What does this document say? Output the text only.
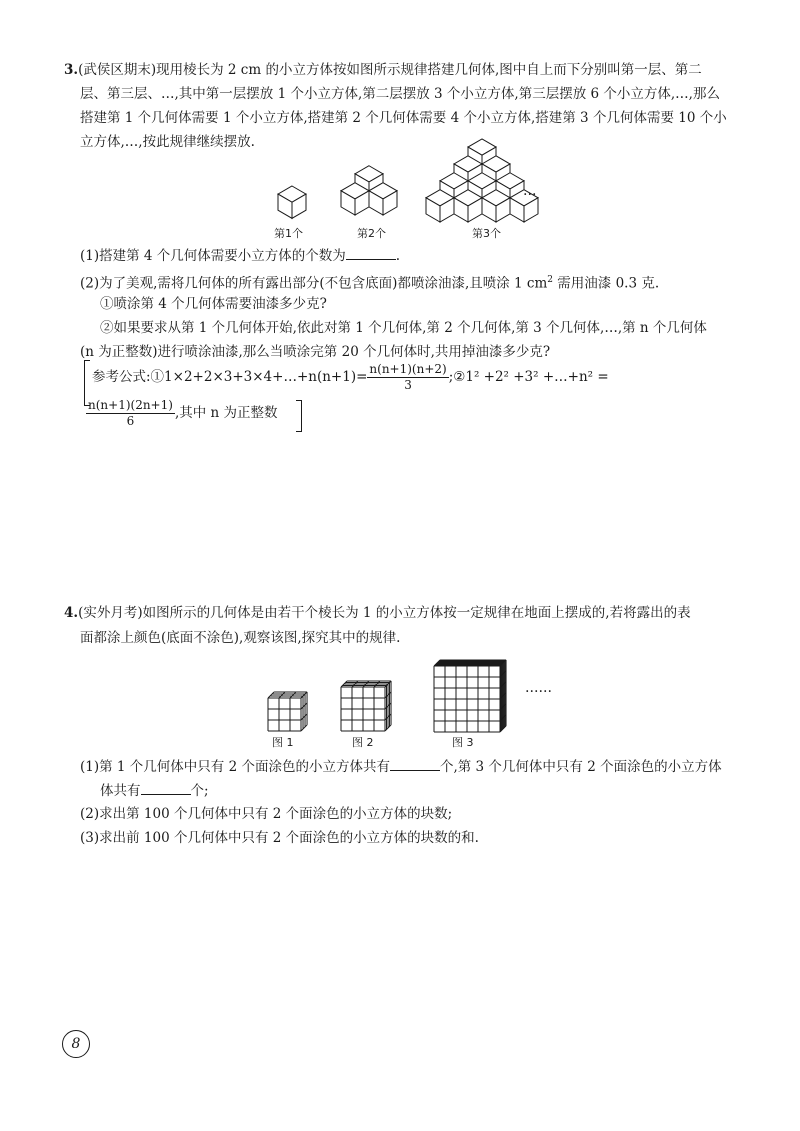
3.(武侯区期末)现用棱长为 2 cm 的小立方体按如图所示规律搭建几何体,图中自上而下分别叫第一层、第二
层、第三层、…,其中第一层摆放 1 个小立方体,第二层摆放 3 个小立方体,第三层摆放 6 个小立方体,…,那么
搭建第 1 个几何体需要 1 个小立方体,搭建第 2 个几何体需要 4 个小立方体,搭建第 3 个几何体需要 10 个小
立方体,…,按此规律继续摆放.
第1个	第2个	第3个
…
(1)搭建第 4 个几何体需要小立方体的个数为	.
(2)为了美观,需将几何体的所有露出部分(不包含底面)都喷涂油漆,且喷涂 1 $cm^2$ 需用油漆 0.3 克.
①喷涂第 4 个几何体需要油漆多少克?
②如果要求从第 1 个几何体开始,依此对第 1 个几何体,第 2 个几何体,第 3 个几何体,…,第 n 个几何体
(n 为正整数)进行喷涂油漆,那么当喷涂完第 20 个几何体时,共用掉油漆多少克?
参考公式:①1×2+2×3+3×4+…+n(n+1)= $\frac{n(n+1)(n+2)}{3}$ ;②1² +2² +3² +…+n² =
$\frac{n(n+1)(2n+1)}{6}$ ,其中 n 为正整数
4.(实外月考)如图所示的几何体是由若干个棱长为 1 的小立方体按一定规律在地面上摆成的,若将露出的表
面都涂上颜色(底面不涂色),观察该图,探究其中的规律.
图 1	图 2	图 3
……
(1)第 1 个几何体中只有 2 个面涂色的小立方体共有	个,第 3 个几何体中只有 2 个面涂色的小立方体
体共有	个;
(2)求出第 100 个几何体中只有 2 个面涂色的小立方体的块数;
(3)求出前 100 个几何体中只有 2 个面涂色的小立方体的块数的和.
8
